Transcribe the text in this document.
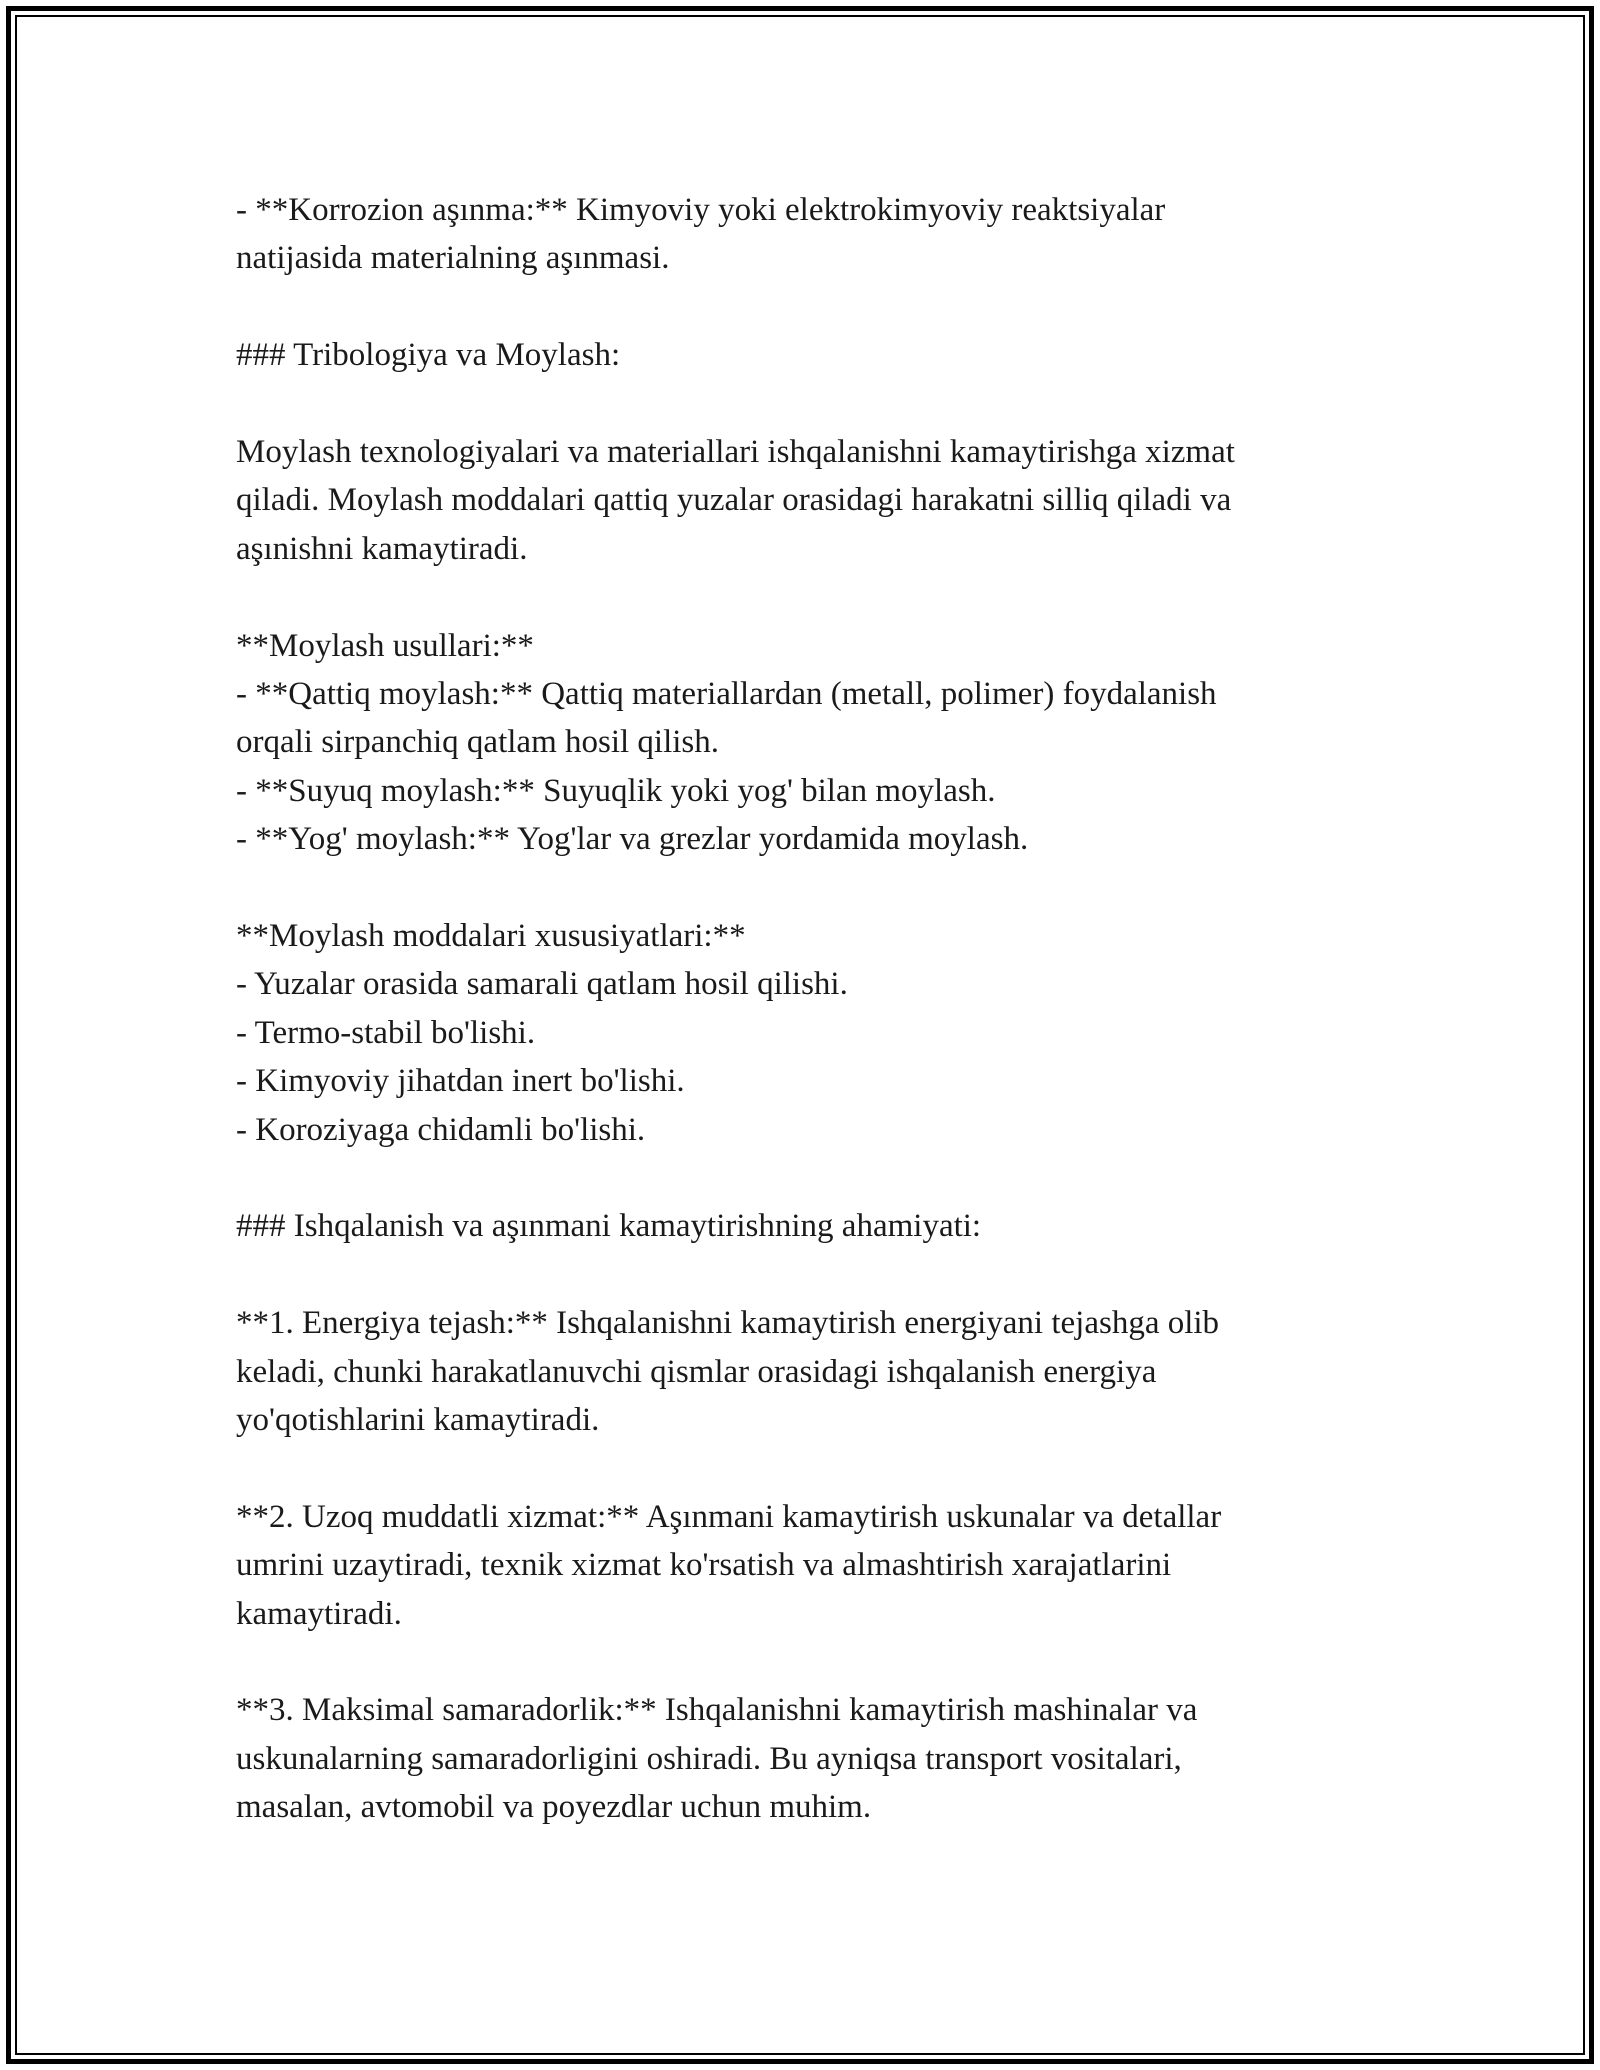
- **Korrozion aşınma:** Kimyoviy yoki elektrokimyoviy reaktsiyalar
natijasida materialning aşınmasi.
### Tribologiya va Moylash:
Moylash texnologiyalari va materiallari ishqalanishni kamaytirishga xizmat
qiladi. Moylash moddalari qattiq yuzalar orasidagi harakatni silliq qiladi va
aşınishni kamaytiradi.
**Moylash usullari:**
- **Qattiq moylash:** Qattiq materiallardan (metall, polimer) foydalanish
orqali sirpanchiq qatlam hosil qilish.
- **Suyuq moylash:** Suyuqlik yoki yog' bilan moylash.
- **Yog' moylash:** Yog'lar va grezlar yordamida moylash.
**Moylash moddalari xususiyatlari:**
- Yuzalar orasida samarali qatlam hosil qilishi.
- Termo-stabil bo'lishi.
- Kimyoviy jihatdan inert bo'lishi.
- Koroziyaga chidamli bo'lishi.
### Ishqalanish va aşınmani kamaytirishning ahamiyati:
**1. Energiya tejash:** Ishqalanishni kamaytirish energiyani tejashga olib
keladi, chunki harakatlanuvchi qismlar orasidagi ishqalanish energiya
yo'qotishlarini kamaytiradi.
**2. Uzoq muddatli xizmat:** Aşınmani kamaytirish uskunalar va detallar
umrini uzaytiradi, texnik xizmat ko'rsatish va almashtirish xarajatlarini
kamaytiradi.
**3. Maksimal samaradorlik:** Ishqalanishni kamaytirish mashinalar va
uskunalarning samaradorligini oshiradi. Bu ayniqsa transport vositalari,
masalan, avtomobil va poyezdlar uchun muhim.
